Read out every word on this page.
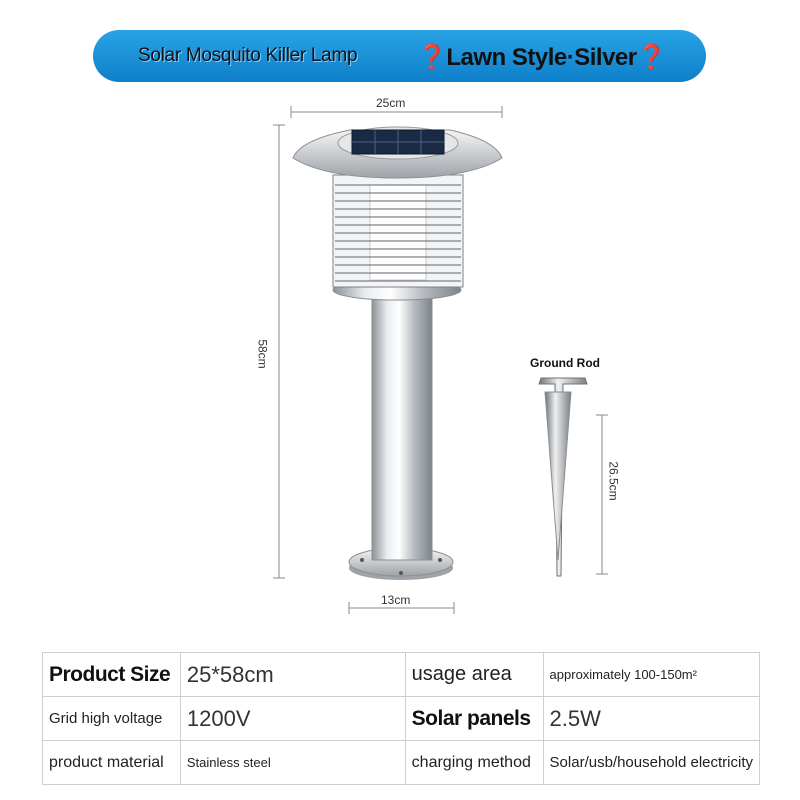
Solar Mosquito Killer Lamp ❓Lawn Style·Silver❓
25cm
58cm
13cm
26.5cm
Ground Rod
Product Size	25*58cm	usage area	approximately 100-150m²
Grid high voltage	1200V	Solar panels	2.5W
product material	Stainless steel	charging method	Solar/usb/household electricity
